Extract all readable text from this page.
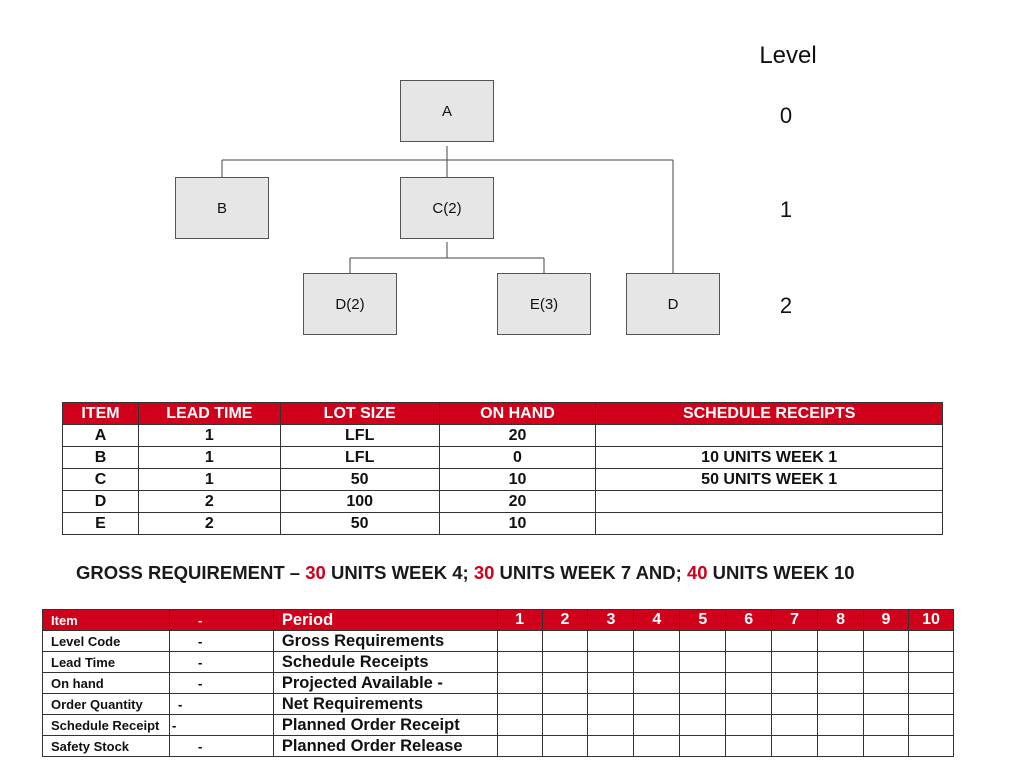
A
B	C(2)
D(2)	E(3)	D
Level
0
1
2
ITEM	LEAD TIME	LOT SIZE	ON HAND	SCHEDULE RECEIPTS
A	1	LFL	20	
B	1	LFL	0	10 UNITS WEEK 1
C	1	50	10	50 UNITS WEEK 1
D	2	100	20	
E	2	50	10	
GROSS REQUIREMENT – 30 UNITS WEEK 4; 30 UNITS WEEK 7 AND; 40 UNITS WEEK 10
Item	-	Period	1	2	3	4	5	6	7	8	9	10
Level Code	-	Gross Requirements										
Lead Time	-	Schedule Receipts										
On hand	-	Projected Available -										
Order Quantity	-	Net Requirements										
Schedule Receipt	-	Planned Order Receipt										
Safety Stock	-	Planned Order Release										
